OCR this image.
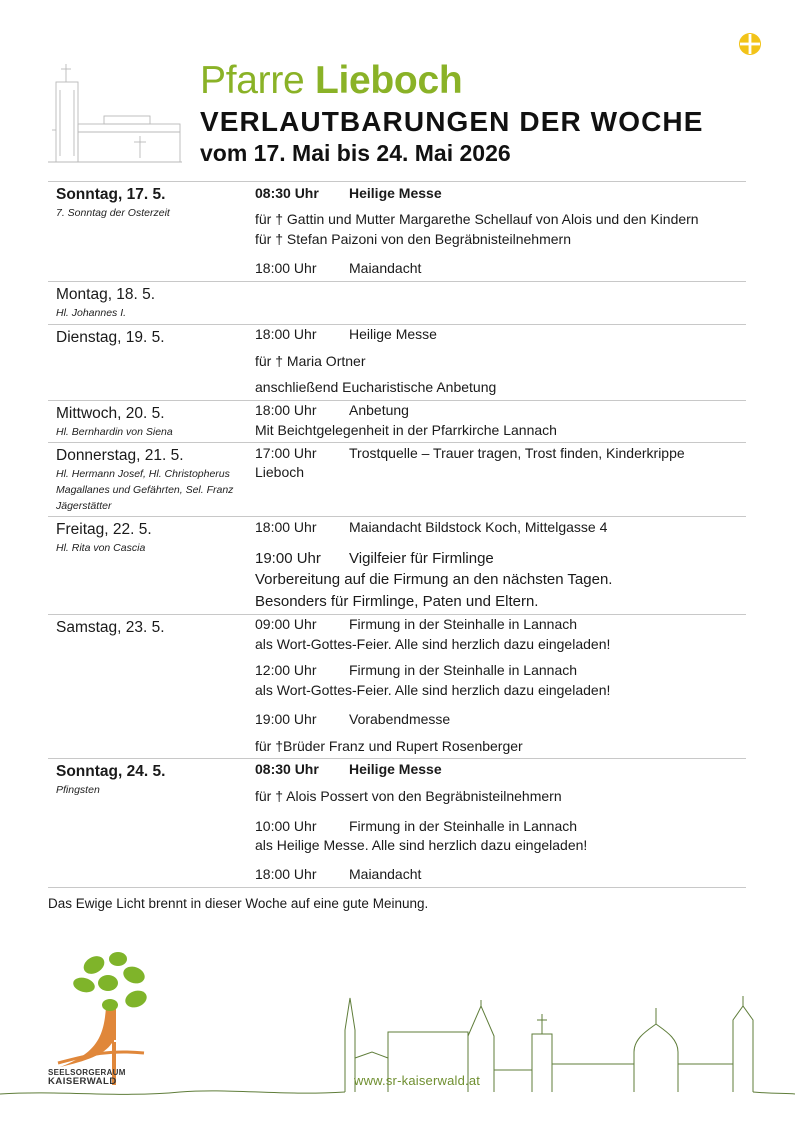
Pfarre Lieboch
VERLAUTBARUNGEN DER WOCHE
vom 17. Mai bis 24. Mai 2026
Sonntag, 17. 5.
7. Sonntag der Osterzeit
08:30 Uhr Heilige Messe
für † Gattin und Mutter Margarethe Schellauf von Alois und den Kindern
für † Stefan Paizoni von den Begräbnisteilnehmern
18:00 Uhr Maiandacht
Montag, 18. 5.
Hl. Johannes I.
Dienstag, 19. 5.	18:00 Uhr Heilige Messe
für † Maria Ortner
anschließend Eucharistische Anbetung
Mittwoch, 20. 5.
Hl. Bernhardin von Siena
18:00 Uhr Anbetung
Mit Beichtgelegenheit in der Pfarrkirche Lannach
Donnerstag, 21. 5.
Hl. Hermann Josef, Hl. Christopherus Magallanes und Gefährten, Sel. Franz Jägerstätter
17:00 Uhr Trostquelle – Trauer tragen, Trost finden, Kinderkrippe
Lieboch
Freitag, 22. 5.
Hl. Rita von Cascia
18:00 Uhr Maiandacht Bildstock Koch, Mittelgasse 4
19:00 Uhr Vigilfeier für Firmlinge
Vorbereitung auf die Firmung an den nächsten Tagen.
Besonders für Firmlinge, Paten und Eltern.
Samstag, 23. 5.	09:00 Uhr Firmung in der Steinhalle in Lannach
als Wort-Gottes-Feier. Alle sind herzlich dazu eingeladen!
12:00 Uhr Firmung in der Steinhalle in Lannach
als Wort-Gottes-Feier. Alle sind herzlich dazu eingeladen!
19:00 Uhr Vorabendmesse
für †Brüder Franz und Rupert Rosenberger
Sonntag, 24. 5.
Pfingsten
08:30 Uhr Heilige Messe
für † Alois Possert von den Begräbnisteilnehmern
10:00 Uhr Firmung in der Steinhalle in Lannach
als Heilige Messe. Alle sind herzlich dazu eingeladen!
18:00 Uhr Maiandacht
Das Ewige Licht brennt in dieser Woche auf eine gute Meinung.
SEELSORGERAUM
KAISERWALD	www.sr-kaiserwald.at
